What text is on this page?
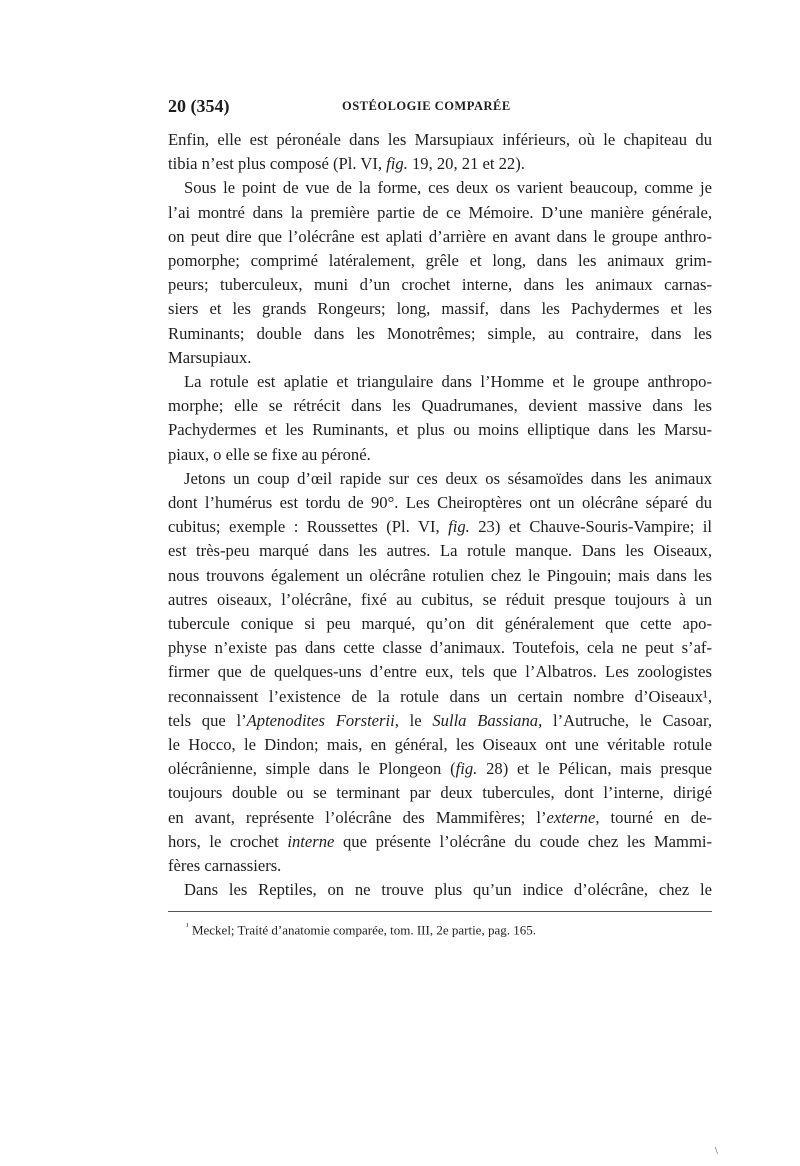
20 (354)	OSTÉOLOGIE COMPARÉE
Enfin, elle est péronéale dans les Marsupiaux inférieurs, où le chapiteau du
tibia n’est plus composé (Pl. VI, fig. 19, 20, 21 et 22).
Sous le point de vue de la forme, ces deux os varient beaucoup, comme je
l’ai montré dans la première partie de ce Mémoire. D’une manière générale,
on peut dire que l’olécrâne est aplati d’arrière en avant dans le groupe anthro-
pomorphe; comprimé latéralement, grêle et long, dans les animaux grim-
peurs; tuberculeux, muni d’un crochet interne, dans les animaux carnas-
siers et les grands Rongeurs; long, massif, dans les Pachydermes et les
Ruminants; double dans les Monotrêmes; simple, au contraire, dans les
Marsupiaux.
La rotule est aplatie et triangulaire dans l’Homme et le groupe anthropo-
morphe; elle se rétrécit dans les Quadrumanes, devient massive dans les
Pachydermes et les Ruminants, et plus ou moins elliptique dans les Marsu-
piaux, o elle se fixe au péroné.
Jetons un coup d’œil rapide sur ces deux os sésamoïdes dans les animaux
dont l’humérus est tordu de 90°. Les Cheiroptères ont un olécrâne séparé du
cubitus; exemple : Roussettes (Pl. VI, fig. 23) et Chauve-Souris-Vampire; il
est très-peu marqué dans les autres. La rotule manque. Dans les Oiseaux,
nous trouvons également un olécrâne rotulien chez le Pingouin; mais dans les
autres oiseaux, l’olécrâne, fixé au cubitus, se réduit presque toujours à un
tubercule conique si peu marqué, qu’on dit généralement que cette apo-
physe n’existe pas dans cette classe d’animaux. Toutefois, cela ne peut s’af-
firmer que de quelques-uns d’entre eux, tels que l’Albatros. Les zoologistes
reconnaissent l’existence de la rotule dans un certain nombre d’Oiseaux¹,
tels que l’Aptenodites Forsterii, le Sulla Bassiana, l’Autruche, le Casoar,
le Hocco, le Dindon; mais, en général, les Oiseaux ont une véritable rotule
olécrânienne, simple dans le Plongeon (fig. 28) et le Pélican, mais presque
toujours double ou se terminant par deux tubercules, dont l’interne, dirigé
en avant, représente l’olécrâne des Mammifères; l’externe, tourné en de-
hors, le crochet interne que présente l’olécrâne du coude chez les Mammi-
fères carnassiers.
Dans les Reptiles, on ne trouve plus qu’un indice d’olécrâne, chez le
$^{^1}$ Meckel; Traité d’anatomie comparée, tom. III, 2e partie, pag. 165.
\
